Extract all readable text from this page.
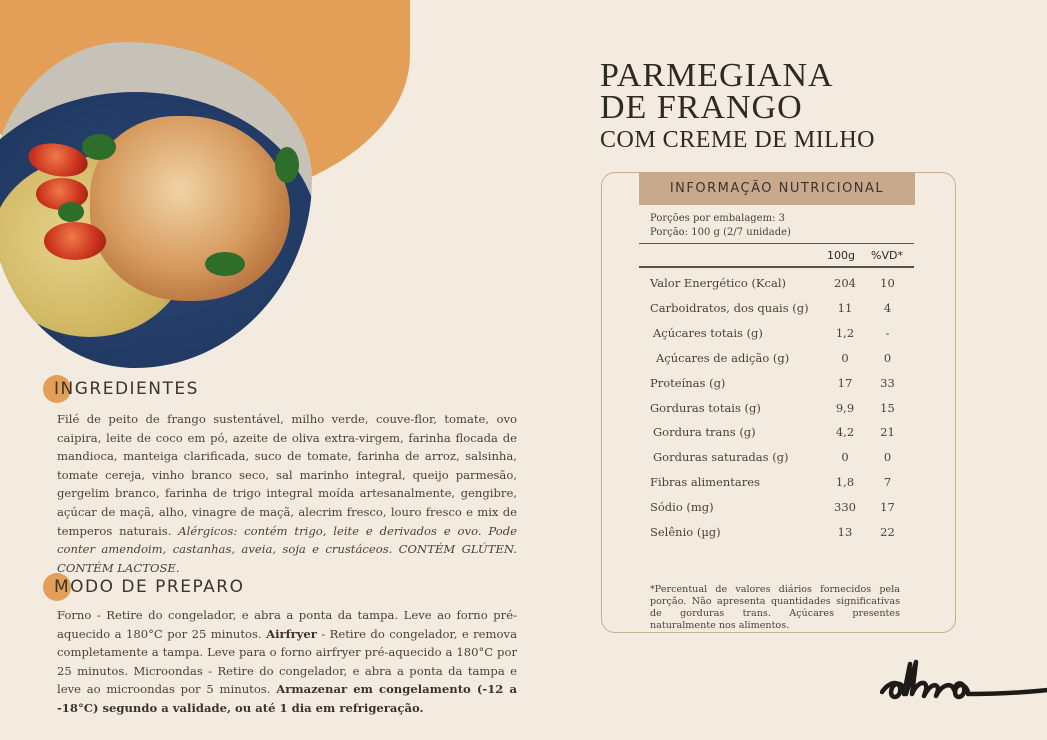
INGREDIENTES

Filé de peito de frango sustentável, milho verde, couve-flor, tomate, ovo caipira, leite de coco em pó, azeite de oliva extra-virgem, farinha flocada de mandioca, manteiga clarificada, suco de tomate, farinha de arroz, salsinha, tomate cereja, vinho branco seco, sal marinho integral, queijo parmesão, gergelim branco, farinha de trigo integral moída artesanalmente, gengibre, açúcar de maçã, alho, vinagre de maçã, alecrim fresco, louro fresco e mix de temperos naturais. Alérgicos: contém trigo, leite e derivados e ovo. Pode conter amendoim, castanhas, aveia, soja e crustáceos. CONTÉM GLÚTEN. CONTÉM LACTOSE.

MODO DE PREPARO

Forno - Retire do congelador, e abra a ponta da tampa. Leve ao forno pré-aquecido a 180°C por 25 minutos. Airfryer - Retire do congelador, e remova completamente a tampa. Leve para o forno airfryer pré-aquecido a 180°C por 25 minutos. Microondas - Retire do congelador, e abra a ponta da tampa e leve ao microondas por 5 minutos. Armazenar em congelamento (-12 a -18°C) segundo a validade, ou até 1 dia em refrigeração.

PARMEGIANA
DE FRANGO
COM CREME DE MILHO
INFORMAÇÃO NUTRICIONAL
Porções por embalagem: 3
Porção: 100 g (2/7 unidade)
100g %VD*
Valor Energético (Kcal)	204	10
Carboidratos, dos quais (g)	11	4
Açúcares totais (g)	1,2	-
Açúcares de adição (g)	0	0
Proteínas (g)	17	33
Gorduras totais (g)	9,9	15
Gordura trans (g)	4,2	21
Gorduras saturadas (g)	0	0
Fibras alimentares	1,8	7
Sódio (mg)	330	17
Selênio (µg)	13	22

*Percentual de valores diários fornecidos pela porção. Não apresenta quantidades significativas de gorduras trans. Açúcares presentes naturalmente nos alimentos.
